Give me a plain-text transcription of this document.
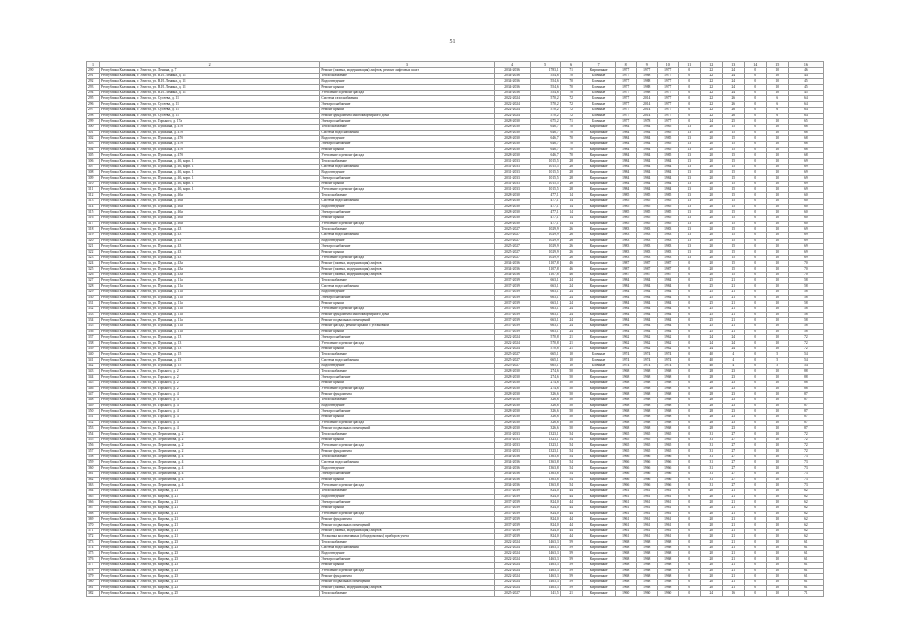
51
1	2	3	4	5	6	7	8	9	10	11	12	13	14	15	16
290	Республика Калмыкия, г. Элиста, ул. Ленина, д. 7	Ремонт (замена, модернизация) лифтов, ремонт лифтовых шахт	2034-2036	1783,1	71	Кирпичные	1977	1977	1977	0	22	24	0	10	46
291	Республика Калмыкия, г. Элиста, ул. В.И. Ленина, д. 11	Теплоснабжение	2034-2036	554,6	70	Блочные	1977	1988	1977	0	22	24	0	10	44
292	Республика Калмыкия, г. Элиста, ул. В.И. Ленина, д. 11	Водоотведение	2034-2036	554,6	70	Блочные	1977	1988	1977	0	22	24	0	10	45
293	Республика Калмыкия, г. Элиста, ул. В.И. Ленина, д. 11	Ремонт крыши	2034-2036	554,6	70	Блочные	1977	1988	1977	0	22	24	0	10	45
294	Республика Калмыкия, г. Элиста, ул. В.И. Ленина, д. 11	Утепление и ремонт фасада	2034-2036	554,6	70	Блочные	1977	1988	1977	0	22	24	0	10	45
295	Республика Калмыкия, г. Элиста, ул. Сусеева, д. 11	Система газоснабжения	2022-2024	570,2	72	Блочные	1977	2014	1977	0	22	26	0	6	64
296	Республика Калмыкия, г. Элиста, ул. Сусеева, д. 11	Электроснабжение	2022-2024	570,2	72	Блочные	1977	2014	1977	0	22	26	0	6	64
297	Республика Калмыкия, г. Элиста, ул. Сусеева, д. 11	Ремонт крыши	2022-2024	570,2	72	Блочные	1977	2014	1977	0	22	26	0	6	64
298	Республика Калмыкия, г. Элиста, ул. Сусеева, д. 11	Ремонт фундамента многоквартирного дома	2022-2024	570,2	72	Блочные	1977	2014	1977	0	22	26	0	6	64
299	Республика Калмыкия, г. Элиста, ул. Горького, д. 17а	Электроснабжение	2028-2030	675,2	71	Блочные	1977	1978	1977	0	24	25	0	10	65
300	Республика Калмыкия, г. Элиста, ул. Пушкина, д. 47б	Теплоснабжение	2028-2030	646,7	70	Кирпичные	1984	1984	1985	13	20	15	0	10	68
301	Республика Калмыкия, г. Элиста, ул. Пушкина, д. 47б	Система водоснабжения	2028-2030	646,7	70	Кирпичные	1984	1984	1985	13	20	15	0	10	68
302	Республика Калмыкия, г. Элиста, ул. Пушкина, д. 47б	Водоотведение	2028-2030	646,7	70	Кирпичные	1984	1984	1985	13	20	15	0	10	68
303	Республика Калмыкия, г. Элиста, ул. Пушкина, д. 47б	Электроснабжение	2028-2030	646,7	70	Кирпичные	1984	1984	1985	13	20	15	0	10	68
304	Республика Калмыкия, г. Элиста, ул. Пушкина, д. 47б	Ремонт крыши	2028-2030	646,7	70	Кирпичные	1984	1984	1985	13	20	15	0	10	68
305	Республика Калмыкия, г. Элиста, ул. Пушкина, д. 47б	Утепление и ремонт фасада	2028-2030	646,7	70	Кирпичные	1984	1984	1985	13	20	15	0	10	68
306	Республика Калмыкия, г. Элиста, ул. Пушкина, д. 46, корп. 1	Теплоснабжение	2031-2033	1015,5	28	Кирпичные	1984	1984	1984	13	20	15	0	10	69
307	Республика Калмыкия, г. Элиста, ул. Пушкина, д. 46, корп. 1	Система водоснабжения	2031-2033	1015,5	28	Кирпичные	1984	1984	1984	13	20	15	0	10	69
308	Республика Калмыкия, г. Элиста, ул. Пушкина, д. 46, корп. 1	Водоотведение	2031-2033	1015,5	28	Кирпичные	1984	1984	1984	13	20	15	0	10	69
309	Республика Калмыкия, г. Элиста, ул. Пушкина, д. 46, корп. 1	Электроснабжение	2031-2033	1015,5	28	Кирпичные	1984	1984	1984	13	20	15	0	10	69
310	Республика Калмыкия, г. Элиста, ул. Пушкина, д. 46, корп. 1	Ремонт крыши	2031-2033	1015,5	28	Кирпичные	1984	1984	1984	13	20	15	0	10	69
311	Республика Калмыкия, г. Элиста, ул. Пушкина, д. 46, корп. 1	Утепление и ремонт фасада	2031-2033	1015,5	28	Кирпичные	1984	1984	1984	13	20	15	0	10	69
312	Республика Калмыкия, г. Элиста, ул. Пушкина, д. 46а	Теплоснабжение	2028-2030	477,1	14	Кирпичные	1985	1985	1985	13	20	15	0	10	60
313	Республика Калмыкия, г. Элиста, ул. Пушкина, д. 46а	Система водоснабжения	2028-2030	477,1	14	Кирпичные	1985	1985	1985	13	20	15	0	10	60
314	Республика Калмыкия, г. Элиста, ул. Пушкина, д. 46а	Водоотведение	2028-2030	477,1	14	Кирпичные	1985	1985	1985	13	20	15	0	10	60
315	Республика Калмыкия, г. Элиста, ул. Пушкина, д. 46а	Электроснабжение	2028-2030	477,1	14	Кирпичные	1985	1985	1985	13	20	15	0	10	60
316	Республика Калмыкия, г. Элиста, ул. Пушкина, д. 46а	Ремонт крыши	2028-2030	477,1	14	Кирпичные	1985	1985	1985	13	20	15	0	10	60
317	Республика Калмыкия, г. Элиста, ул. Пушкина, д. 46а	Утепление и ремонт фасада	2028-2030	477,1	14	Кирпичные	1985	1985	1985	13	20	15	0	10	60
318	Республика Калмыкия, г. Элиста, ул. Пушкина, д. 43	Теплоснабжение	2025-2027	1029,9	26	Кирпичные	1983	1983	1983	13	20	15	0	10	69
319	Республика Калмыкия, г. Элиста, ул. Пушкина, д. 43	Система водоснабжения	2025-2027	1029,9	26	Кирпичные	1983	1983	1983	13	20	15	0	10	69
320	Республика Калмыкия, г. Элиста, ул. Пушкина, д. 43	Водоотведение	2025-2027	1029,9	26	Кирпичные	1983	1983	1983	13	20	15	0	10	69
321	Республика Калмыкия, г. Элиста, ул. Пушкина, д. 43	Электроснабжение	2025-2027	1029,9	26	Кирпичные	1983	1983	1983	13	20	15	0	10	69
322	Республика Калмыкия, г. Элиста, ул. Пушкина, д. 43	Ремонт крыши	2025-2027	1029,9	26	Кирпичные	1983	1983	1983	13	20	15	0	10	69
323	Республика Калмыкия, г. Элиста, ул. Пушкина, д. 43	Утепление и ремонт фасада	2025-2027	1029,9	26	Кирпичные	1983	1983	1983	13	20	15	0	10	69
324	Республика Калмыкия, г. Элиста, ул. Пушкина, д. 43а	Ремонт (замена, модернизация) лифтов	2034-2036	1107,8	46	Кирпичные	1987	1987	1987	0	20	15	0	10	70
325	Республика Калмыкия, г. Элиста, ул. Пушкина, д. 43а	Ремонт (замена, модернизация) лифтов	2034-2036	1107,8	46	Кирпичные	1987	1987	1987	0	20	15	0	10	70
326	Республика Калмыкия, г. Элиста, ул. Пушкина, д. 43а	Ремонт (замена, модернизация) лифтов	2034-2036	1107,8	46	Кирпичные	1987	1987	1987	0	20	15	0	10	70
327	Республика Калмыкия, г. Элиста, ул. Пушкина, д. 11а	Теплоснабжение	2037-2039	663,1	24	Кирпичные	1984	1984	1984	0	25	21	0	10	58
328	Республика Калмыкия, г. Элиста, ул. Пушкина, д. 11а	Система водоснабжения	2037-2039	663,1	24	Кирпичные	1984	1984	1984	0	25	21	0	10	58
329	Республика Калмыкия, г. Элиста, ул. Пушкина, д. 11а	Водоотведение	2037-2039	663,1	24	Кирпичные	1984	1984	1984	0	25	21	0	10	58
330	Республика Калмыкия, г. Элиста, ул. Пушкина, д. 11а	Электроснабжение	2037-2039	663,1	24	Кирпичные	1984	1984	1984	0	25	21	0	10	58
331	Республика Калмыкия, г. Элиста, ул. Пушкина, д. 11а	Ремонт крыши	2037-2039	663,1	24	Кирпичные	1984	1984	1984	0	25	21	0	10	58
332	Республика Калмыкия, г. Элиста, ул. Пушкина, д. 11а	Утепление и ремонт фасада	2037-2039	663,1	24	Кирпичные	1984	1984	1984	0	25	21	0	10	58
333	Республика Калмыкия, г. Элиста, ул. Пушкина, д. 11а	Ремонт фундамента многоквартирного дома	2037-2039	663,1	24	Кирпичные	1984	1984	1984	0	25	21	0	10	58
334	Республика Калмыкия, г. Элиста, ул. Пушкина, д. 11а	Ремонт подвальных помещений	2037-2039	663,1	24	Кирпичные	1984	1984	1984	0	25	21	0	10	58
335	Республика Калмыкия, г. Элиста, ул. Пушкина, д. 11а	Ремонт фасада, ремонт крыши с установкой	2037-2039	663,1	24	Кирпичные	1984	1984	1984	0	25	21	0	10	58
336	Республика Калмыкия, г. Элиста, ул. Пушкина, д. 11а	Ремонт крыши	2037-2039	663,1	24	Кирпичные	1984	1984	1984	0	25	21	0	10	58
337	Республика Калмыкия, г. Элиста, ул. Пушкина, д. 13	Электроснабжение	2022-2024	570,8	21	Кирпичные	1962	1962	1962	0	24	24	0	10	72
338	Республика Калмыкия, г. Элиста, ул. Пушкина, д. 13	Утепление и ремонт фасада	2022-2024	570,8	21	Кирпичные	1962	1962	1962	0	24	24	0	10	72
339	Республика Калмыкия, г. Элиста, ул. Пушкина, д. 13	Ремонт крыши	2022-2024	570,8	21	Кирпичные	1962	1962	1962	0	24	24	0	10	72
340	Республика Калмыкия, г. Элиста, ул. Пушкина, д. 15	Теплоснабжение	2025-2027	665,1	10	Блочные	1974	1974	1974	0	40	4	0	5	54
341	Республика Калмыкия, г. Элиста, ул. Пушкина, д. 15	Система водоснабжения	2025-2027	665,1	10	Блочные	1974	1974	1974	0	40	4	0	5	54
342	Республика Калмыкия, г. Элиста, ул. Пушкина, д. 15	Водоотведение	2025-2027	665,1	10	Блочные	1974	1974	1974	0	40	4	0	5	54
343	Республика Калмыкия, г. Элиста, ул. Горького, д. 2	Теплоснабжение	2028-2030	274,6	50	Кирпичные	1968	1968	1968	0	28	23	0	10	88
344	Республика Калмыкия, г. Элиста, ул. Горького, д. 2	Электроснабжение	2028-2030	274,6	50	Кирпичные	1968	1968	1968	0	28	23	0	10	88
345	Республика Калмыкия, г. Элиста, ул. Горького, д. 2	Ремонт крыши	2028-2030	274,6	50	Кирпичные	1968	1968	1968	0	28	23	0	10	88
346	Республика Калмыкия, г. Элиста, ул. Горького, д. 2	Утепление и ремонт фасада	2028-2030	274,6	50	Кирпичные	1968	1968	1968	0	28	23	0	10	88
347	Республика Калмыкия, г. Элиста, ул. Горького, д. 4	Ремонт фундамента	2028-2030	326,6	50	Кирпичные	1968	1968	1968	0	28	23	0	10	87
348	Республика Калмыкия, г. Элиста, ул. Горького, д. 4	Теплоснабжение	2028-2030	326,6	50	Кирпичные	1968	1968	1968	0	28	23	0	10	87
349	Республика Калмыкия, г. Элиста, ул. Горького, д. 4	Водоотведение	2028-2030	326,6	50	Кирпичные	1968	1968	1968	0	28	23	0	10	87
350	Республика Калмыкия, г. Элиста, ул. Горького, д. 4	Электроснабжение	2028-2030	326,6	50	Кирпичные	1968	1968	1968	0	28	23	0	10	87
351	Республика Калмыкия, г. Элиста, ул. Горького, д. 4	Ремонт крыши	2028-2030	326,6	50	Кирпичные	1968	1968	1968	0	28	23	0	10	87
352	Республика Калмыкия, г. Элиста, ул. Горького, д. 4	Утепление и ремонт фасада	2028-2030	326,6	50	Кирпичные	1968	1968	1968	0	28	23	0	10	87
353	Республика Калмыкия, г. Элиста, ул. Горького, д. 4	Ремонт подвальных помещений	2028-2030	326,6	50	Кирпичные	1968	1968	1968	0	28	23	0	10	87
354	Республика Калмыкия, г. Элиста, ул. Лермонтова, д. 2	Теплоснабжение	2031-2033	1323,1	54	Кирпичные	1965	1965	1965	0	31	27	0	10	72
355	Республика Калмыкия, г. Элиста, ул. Лермонтова, д. 2	Ремонт крыши	2031-2033	1323,1	54	Кирпичные	1965	1965	1965	0	31	27	0	10	72
356	Республика Калмыкия, г. Элиста, ул. Лермонтова, д. 2	Утепление и ремонт фасада	2031-2033	1323,1	54	Кирпичные	1965	1965	1965	0	31	27	0	10	72
357	Республика Калмыкия, г. Элиста, ул. Лермонтова, д. 2	Ремонт фундамента	2031-2033	1323,1	54	Кирпичные	1965	1965	1965	0	31	27	0	10	72
358	Республика Калмыкия, г. Элиста, ул. Лермонтова, д. 4	Теплоснабжение	2034-2036	1363,8	54	Кирпичные	1966	1966	1966	0	31	27	0	10	73
359	Республика Калмыкия, г. Элиста, ул. Лермонтова, д. 4	Система водоснабжения	2034-2036	1363,8	54	Кирпичные	1966	1966	1966	0	31	27	0	10	73
360	Республика Калмыкия, г. Элиста, ул. Лермонтова, д. 4	Водоотведение	2034-2036	1363,8	54	Кирпичные	1966	1966	1966	0	31	27	0	10	73
361	Республика Калмыкия, г. Элиста, ул. Лермонтова, д. 4	Электроснабжение	2034-2036	1363,8	54	Кирпичные	1966	1966	1966	0	31	27	0	10	73
362	Республика Калмыкия, г. Элиста, ул. Лермонтова, д. 4	Ремонт крыши	2034-2036	1363,8	54	Кирпичные	1966	1966	1966	0	31	27	0	10	73
363	Республика Калмыкия, г. Элиста, ул. Лермонтова, д. 4	Утепление и ремонт фасада	2034-2036	1363,8	54	Кирпичные	1966	1966	1966	0	31	27	0	10	73
364	Республика Калмыкия, г. Элиста, ул. Кирова, д. 21	Теплоснабжение	2037-2039	824,0	44	Кирпичные	1961	1961	1961	0	20	21	0	10	62
365	Республика Калмыкия, г. Элиста, ул. Кирова, д. 21	Водоотведение	2037-2039	824,0	44	Кирпичные	1961	1961	1961	0	20	21	0	10	62
366	Республика Калмыкия, г. Элиста, ул. Кирова, д. 21	Электроснабжение	2037-2039	824,0	44	Кирпичные	1961	1961	1961	0	20	21	0	10	62
367	Республика Калмыкия, г. Элиста, ул. Кирова, д. 21	Ремонт крыши	2037-2039	824,0	44	Кирпичные	1961	1961	1961	0	20	21	0	10	62
368	Республика Калмыкия, г. Элиста, ул. Кирова, д. 21	Утепление и ремонт фасада	2037-2039	824,0	44	Кирпичные	1961	1961	1961	0	20	21	0	10	62
369	Республика Калмыкия, г. Элиста, ул. Кирова, д. 21	Ремонт фундамента	2037-2039	824,0	44	Кирпичные	1961	1961	1961	0	20	21	0	10	62
370	Республика Калмыкия, г. Элиста, ул. Кирова, д. 21	Ремонт подвальных помещений	2037-2039	824,0	44	Кирпичные	1961	1961	1961	0	20	21	0	10	62
371	Республика Калмыкия, г. Элиста, ул. Кирова, д. 21	Ремонт (замена, модернизация) лифтов	2037-2039	824,0	44	Кирпичные	1961	1961	1961	0	20	21	0	10	62
372	Республика Калмыкия, г. Элиста, ул. Кирова, д. 21	Установка коллективных (общедомовых) приборов учета	2037-2039	824,0	44	Кирпичные	1961	1961	1961	0	20	21	0	10	62
373	Республика Калмыкия, г. Элиста, ул. Кирова, д. 23	Теплоснабжение	2022-2024	1463,3	59	Кирпичные	1968	1968	1968	0	20	21	0	10	61
374	Республика Калмыкия, г. Элиста, ул. Кирова, д. 23	Система водоснабжения	2022-2024	1463,3	59	Кирпичные	1968	1968	1968	0	20	21	0	10	61
375	Республика Калмыкия, г. Элиста, ул. Кирова, д. 23	Водоотведение	2022-2024	1463,3	59	Кирпичные	1968	1968	1968	0	20	21	0	10	61
376	Республика Калмыкия, г. Элиста, ул. Кирова, д. 23	Электроснабжение	2022-2024	1463,3	59	Кирпичные	1968	1968	1968	0	20	21	0	10	61
377	Республика Калмыкия, г. Элиста, ул. Кирова, д. 23	Ремонт крыши	2022-2024	1463,3	59	Кирпичные	1968	1968	1968	0	20	21	0	10	61
378	Республика Калмыкия, г. Элиста, ул. Кирова, д. 23	Утепление и ремонт фасада	2022-2024	1463,3	59	Кирпичные	1968	1968	1968	0	20	21	0	10	61
379	Республика Калмыкия, г. Элиста, ул. Кирова, д. 23	Ремонт фундамента	2022-2024	1463,3	59	Кирпичные	1968	1968	1968	0	20	21	0	10	61
380	Республика Калмыкия, г. Элиста, ул. Кирова, д. 23	Ремонт подвальных помещений	2022-2024	1463,3	59	Кирпичные	1968	1968	1968	0	20	21	0	10	61
381	Республика Калмыкия, г. Элиста, ул. Кирова, д. 23	Ремонт (замена, модернизация) лифтов	2022-2024	1463,3	59	Кирпичные	1968	1968	1968	0	20	21	0	10	61
382	Республика Калмыкия, г. Элиста, ул. Кирова, д. 25	Теплоснабжение	2025-2027	141,5	21	Кирпичные	1960	1960	1960	0	24	16	0	10	71
